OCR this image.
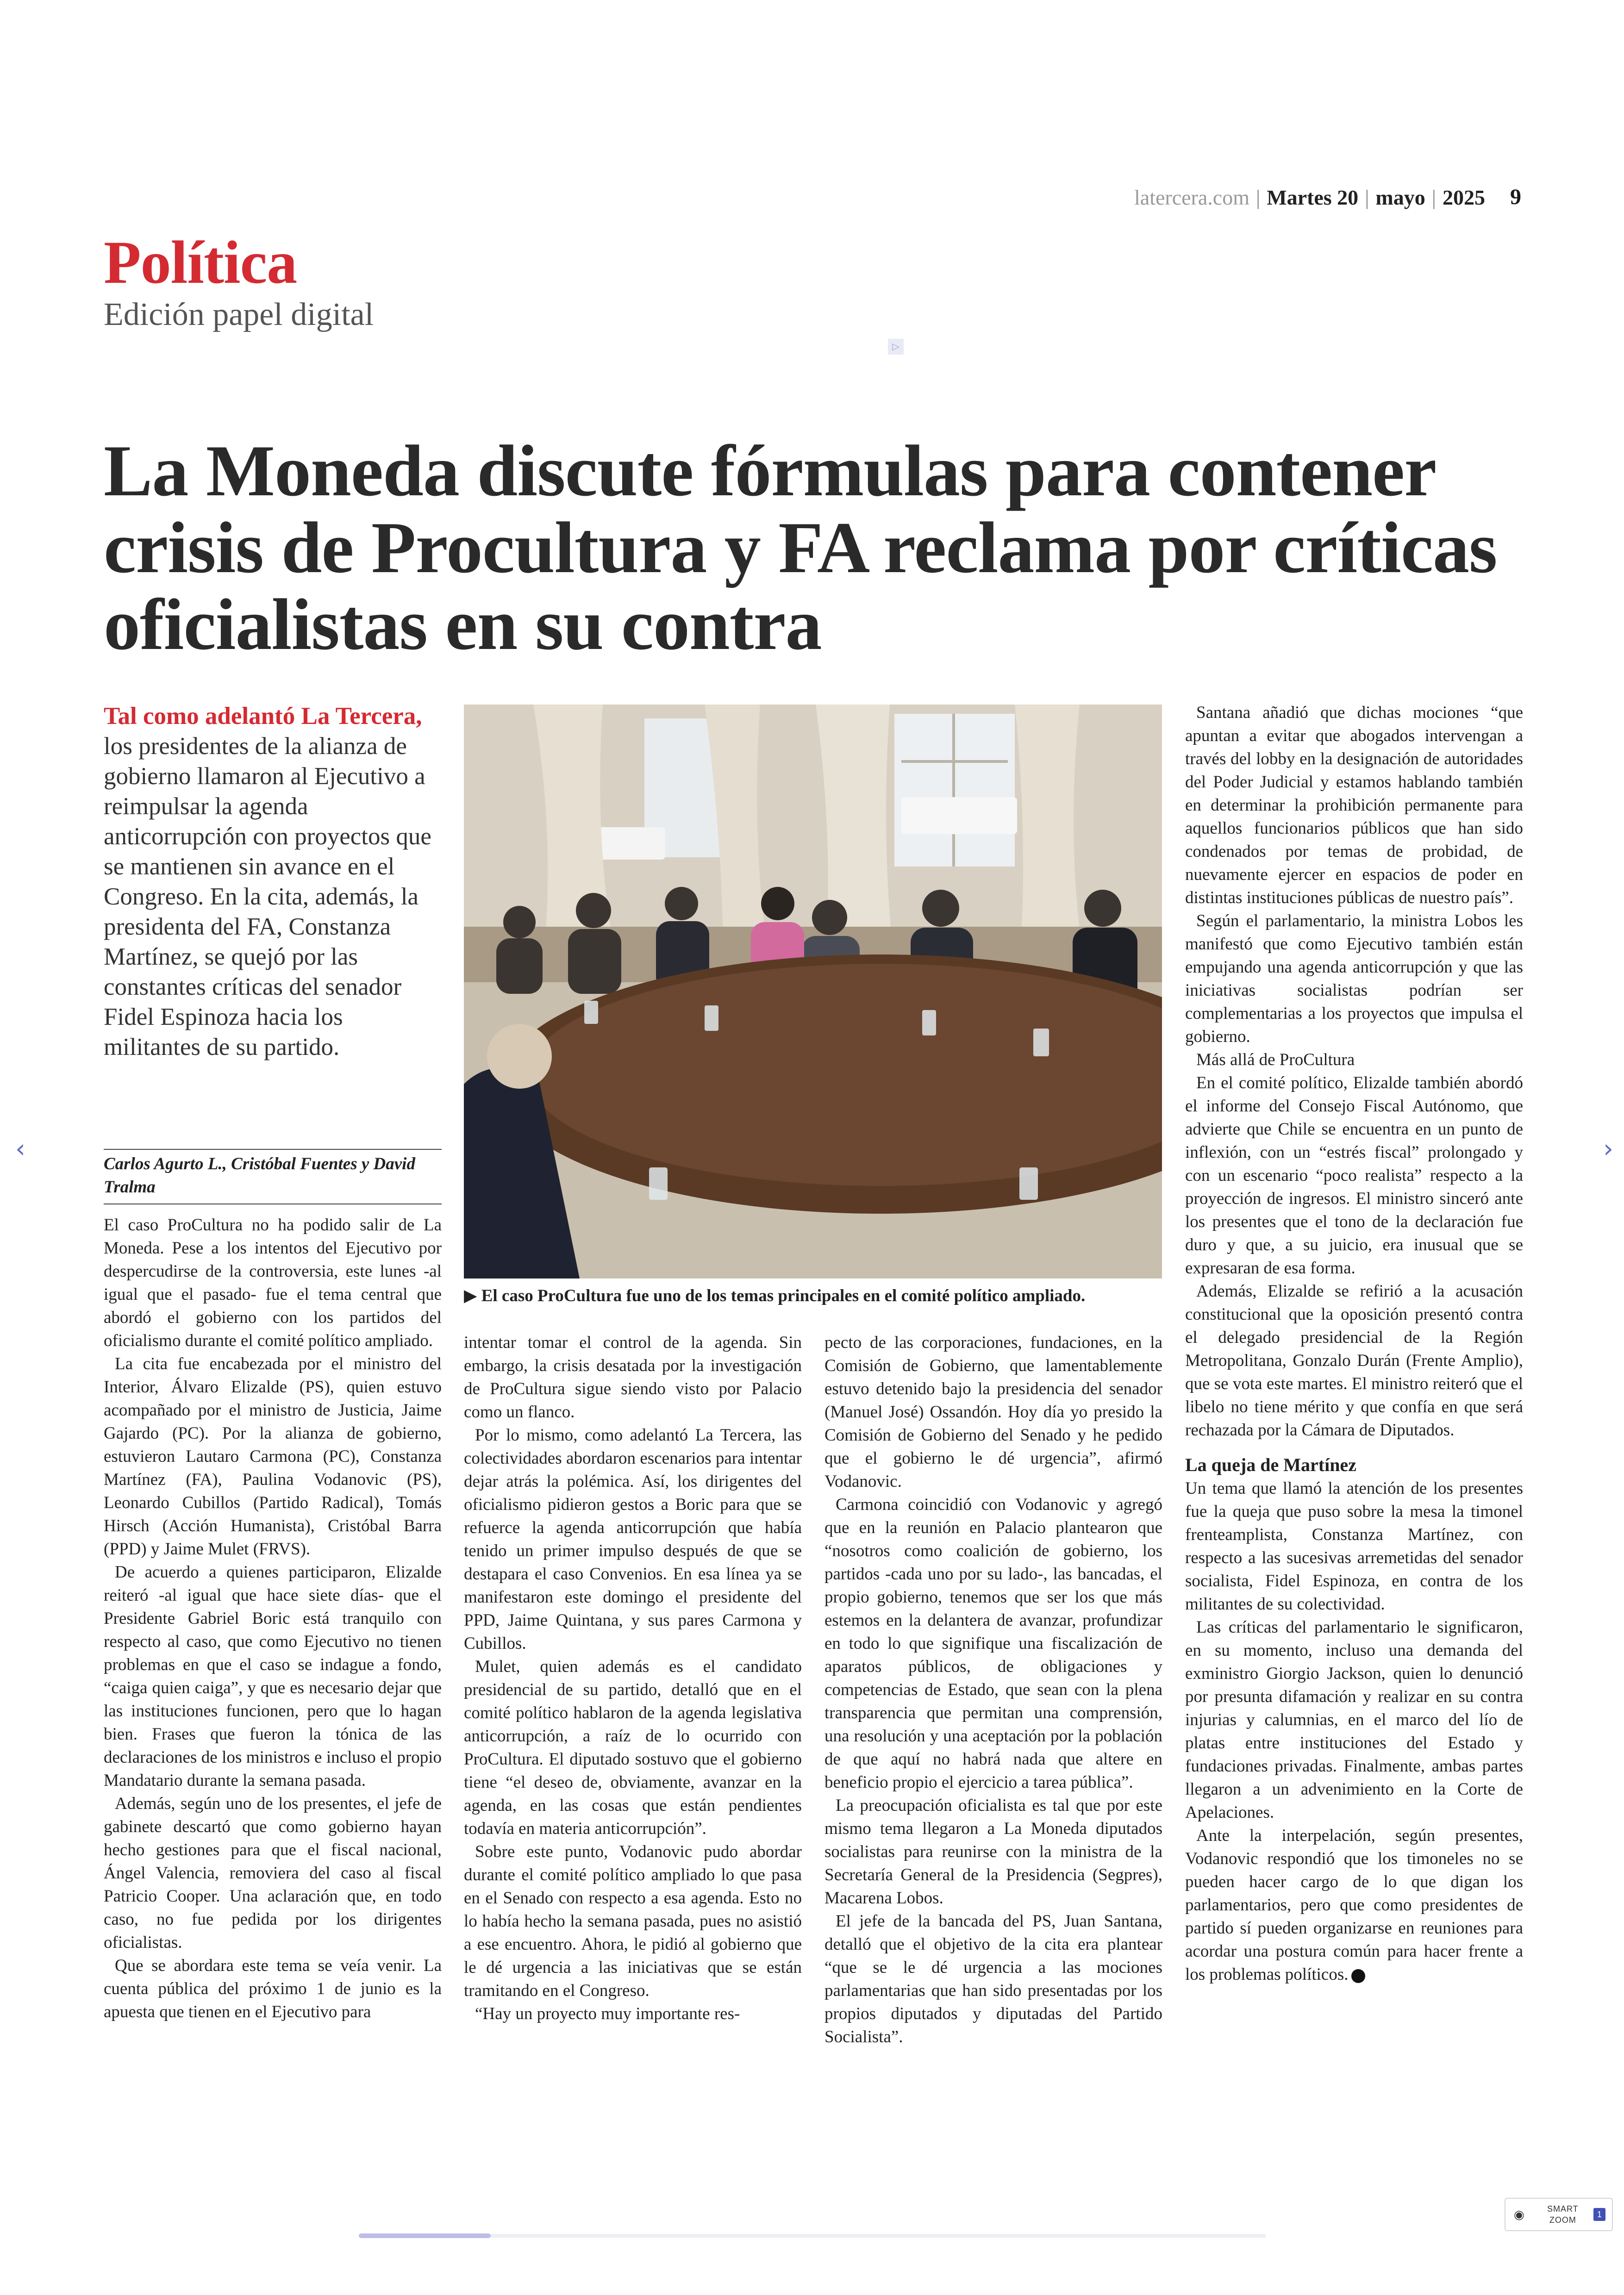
latercera.com | Martes 20 | mayo | 2025 9
Política
Edición papel digital
▷
La Moneda discute fórmulas para contener crisis de Procultura y FA reclama por críticas oficialistas en su contra
Tal como adelantó La Tercera, los presidentes de la alianza de gobierno llamaron al Ejecutivo a reimpulsar la agenda anticorrupción con proyectos que se mantienen sin avance en el Congreso. En la cita, además, la presidenta del FA, Constanza Martínez, se quejó por las constantes críticas del senador Fidel Espinoza hacia los militantes de su partido.
Carlos Agurto L., Cristóbal Fuentes y David Tralma
▶ El caso ProCultura fue uno de los temas principales en el comité político ampliado.

El caso ProCultura no ha podido salir de La Moneda. Pese a los intentos del Ejecutivo por despercudirse de la controversia, este lunes -al igual que el pasado- fue el tema central que abordó el gobierno con los partidos del oficialismo durante el comité político ampliado.

La cita fue encabezada por el ministro del Interior, Álvaro Elizalde (PS), quien estuvo acompañado por el ministro de Justicia, Jaime Gajardo (PC). Por la alianza de gobierno, estuvieron Lautaro Carmona (PC), Constanza Martínez (FA), Paulina Vodanovic (PS), Leonardo Cubillos (Partido Radical), Tomás Hirsch (Acción Humanista), Cristóbal Barra (PPD) y Jaime Mulet (FRVS).

De acuerdo a quienes participaron, Elizalde reiteró -al igual que hace siete días- que el Presidente Gabriel Boric está tranquilo con respecto al caso, que como Ejecutivo no tienen problemas en que el caso se indague a fondo, “caiga quien caiga”, y que es necesario dejar que las instituciones funcionen, pero que lo hagan bien. Frases que fueron la tónica de las declaraciones de los ministros e incluso el propio Mandatario durante la semana pasada.

Además, según uno de los presentes, el jefe de gabinete descartó que como gobierno hayan hecho gestiones para que el fiscal nacional, Ángel Valencia, removiera del caso al fiscal Patricio Cooper. Una aclaración que, en todo caso, no fue pedida por los dirigentes oficialistas.

Que se abordara este tema se veía venir. La cuenta pública del próximo 1 de junio es la apuesta que tienen en el Ejecutivo para

intentar tomar el control de la agenda. Sin embargo, la crisis desatada por la investigación de ProCultura sigue siendo visto por Palacio como un flanco.

Por lo mismo, como adelantó La Tercera, las colectividades abordaron escenarios para intentar dejar atrás la polémica. Así, los dirigentes del oficialismo pidieron gestos a Boric para que se refuerce la agenda anticorrupción que había tenido un primer impulso después de que se destapara el caso Convenios. En esa línea ya se manifestaron este domingo el presidente del PPD, Jaime Quintana, y sus pares Carmona y Cubillos.

Mulet, quien además es el candidato presidencial de su partido, detalló que en el comité político hablaron de la agenda legislativa anticorrupción, a raíz de lo ocurrido con ProCultura. El diputado sostuvo que el gobierno tiene “el deseo de, obviamente, avanzar en la agenda, en las cosas que están pendientes todavía en materia anticorrupción”.

Sobre este punto, Vodanovic pudo abordar durante el comité político ampliado lo que pasa en el Senado con respecto a esa agenda. Esto no lo había hecho la semana pasada, pues no asistió a ese encuentro. Ahora, le pidió al gobierno que le dé urgencia a las iniciativas que se están tramitando en el Congreso.

“Hay un proyecto muy importante res-

pecto de las corporaciones, fundaciones, en la Comisión de Gobierno, que lamentablemente estuvo detenido bajo la presidencia del senador (Manuel José) Ossandón. Hoy día yo presido la Comisión de Gobierno del Senado y he pedido que el gobierno le dé urgencia”, afirmó Vodanovic.

Carmona coincidió con Vodanovic y agregó que en la reunión en Palacio plantearon que “nosotros como coalición de gobierno, los partidos -cada uno por su lado-, las bancadas, el propio gobierno, tenemos que ser los que más estemos en la delantera de avanzar, profundizar en todo lo que signifique una fiscalización de aparatos públicos, de obligaciones y competencias de Estado, que sean con la plena transparencia que permitan una comprensión, una resolución y una aceptación por la población de que aquí no habrá nada que altere en beneficio propio el ejercicio a tarea pública”.

La preocupación oficialista es tal que por este mismo tema llegaron a La Moneda diputados socialistas para reunirse con la ministra de la Secretaría General de la Presidencia (Segpres), Macarena Lobos.

El jefe de la bancada del PS, Juan Santana, detalló que el objetivo de la cita era plantear “que se le dé urgencia a las mociones parlamentarias que han sido presentadas por los propios diputados y diputadas del Partido Socialista”.

Santana añadió que dichas mociones “que apuntan a evitar que abogados intervengan a través del lobby en la designación de autoridades del Poder Judicial y estamos hablando también en determinar la prohibición permanente para aquellos funcionarios públicos que han sido condenados por temas de probidad, de nuevamente ejercer en espacios de poder en distintas instituciones públicas de nuestro país”.

Según el parlamentario, la ministra Lobos les manifestó que como Ejecutivo también están empujando una agenda anticorrupción y que las iniciativas socialistas podrían ser complementarias a los proyectos que impulsa el gobierno.

Más allá de ProCultura

En el comité político, Elizalde también abordó el informe del Consejo Fiscal Autónomo, que advierte que Chile se encuentra en un punto de inflexión, con un “estrés fiscal” prolongado y con un escenario “poco realista” respecto a la proyección de ingresos. El ministro sinceró ante los presentes que el tono de la declaración fue duro y que, a su juicio, era inusual que se expresaran de esa forma.

Además, Elizalde se refirió a la acusación constitucional que la oposición presentó contra el delegado presidencial de la Región Metropolitana, Gonzalo Durán (Frente Amplio), que se vota este martes. El ministro reiteró que el libelo no tiene mérito y que confía en que será rechazada por la Cámara de Diputados.

La queja de Martínez

Un tema que llamó la atención de los presentes fue la queja que puso sobre la mesa la timonel frenteamplista, Constanza Martínez, con respecto a las sucesivas arremetidas del senador socialista, Fidel Espinoza, en contra de los militantes de su colectividad.

Las críticas del parlamentario le significaron, en su momento, incluso una demanda del exministro Giorgio Jackson, quien lo denunció por presunta difamación y realizar en su contra injurias y calumnias, en el marco del lío de platas entre instituciones del Estado y fundaciones privadas. Finalmente, ambas partes llegaron a un advenimiento en la Corte de Apelaciones.

Ante la interpelación, según presentes, Vodanovic respondió que los timoneles no se pueden hacer cargo de lo que digan los parlamentarios, pero que como presidentes de partido sí pueden organizarse en reuniones para acordar una postura común para hacer frente a los problemas políticos.

‹	›
◉	SMART
ZOOM
1
